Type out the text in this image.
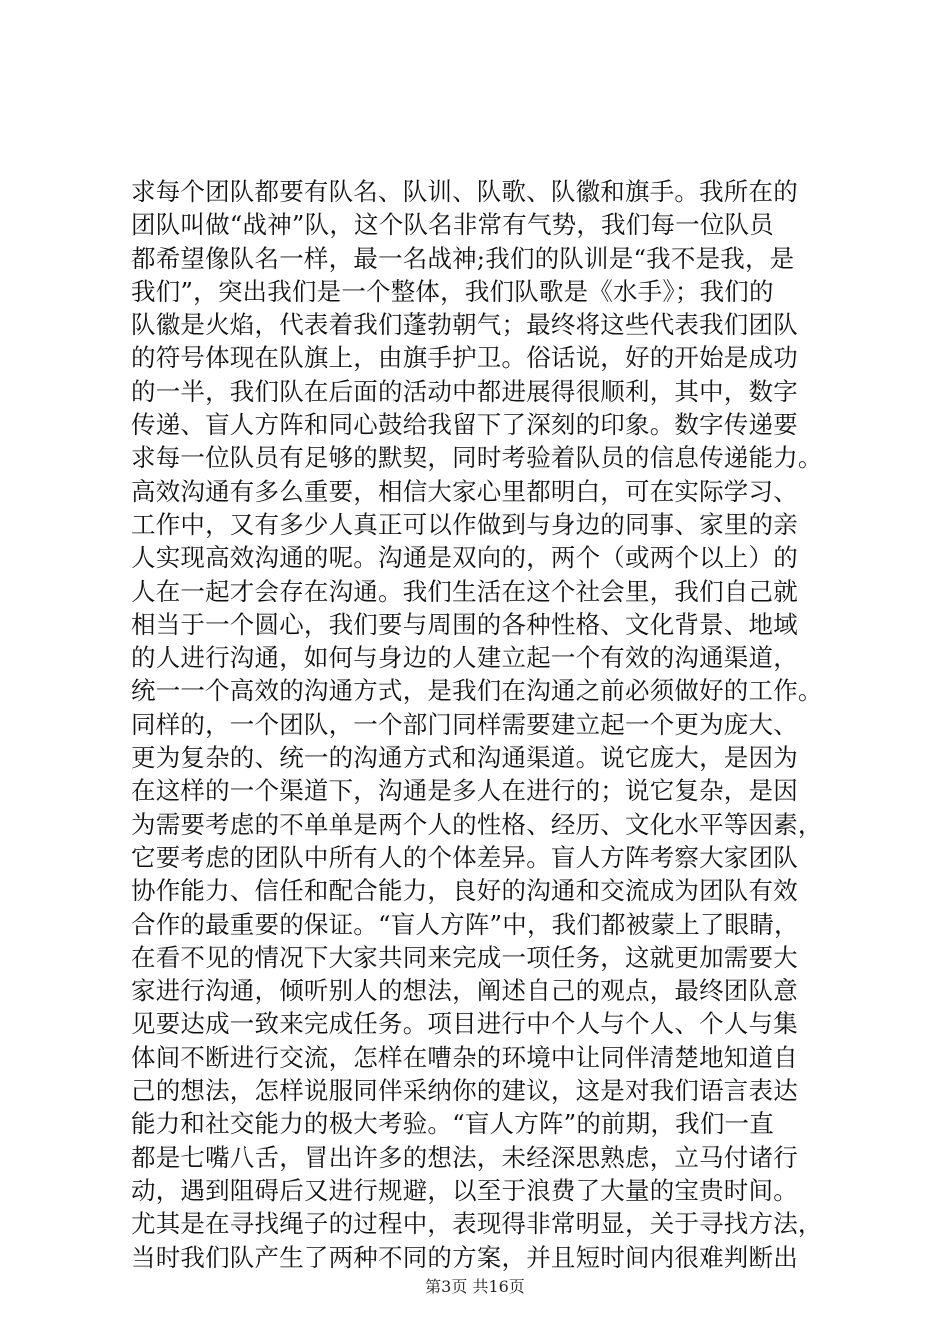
求每个团队都要有队名、队训、队歌、队徽和旗手。我所在的
团队叫做“战神”队，这个队名非常有气势，我们每一位队员
都希望像队名一样，最一名战神;我们的队训是“我不是我，是
我们”，突出我们是一个整体，我们队歌是《水手》；我们的
队徽是火焰，代表着我们蓬勃朝气；最终将这些代表我们团队
的符号体现在队旗上，由旗手护卫。俗话说，好的开始是成功
的一半，我们队在后面的活动中都进展得很顺利，其中，数字
传递、盲人方阵和同心鼓给我留下了深刻的印象。数字传递要
求每一位队员有足够的默契，同时考验着队员的信息传递能力。
高效沟通有多么重要，相信大家心里都明白，可在实际学习、
工作中，又有多少人真正可以作做到与身边的同事、家里的亲
人实现高效沟通的呢。沟通是双向的，两个（或两个以上）的
人在一起才会存在沟通。我们生活在这个社会里，我们自己就
相当于一个圆心，我们要与周围的各种性格、文化背景、地域
的人进行沟通，如何与身边的人建立起一个有效的沟通渠道，
统一一个高效的沟通方式，是我们在沟通之前必须做好的工作。
同样的，一个团队，一个部门同样需要建立起一个更为庞大、
更为复杂的、统一的沟通方式和沟通渠道。说它庞大，是因为
在这样的一个渠道下，沟通是多人在进行的；说它复杂，是因
为需要考虑的不单单是两个人的性格、经历、文化水平等因素，
它要考虑的团队中所有人的个体差异。盲人方阵考察大家团队
协作能力、信任和配合能力，良好的沟通和交流成为团队有效
合作的最重要的保证。“盲人方阵”中，我们都被蒙上了眼睛，
在看不见的情况下大家共同来完成一项任务，这就更加需要大
家进行沟通，倾听别人的想法，阐述自己的观点，最终团队意
见要达成一致来完成任务。项目进行中个人与个人、个人与集
体间不断进行交流，怎样在嘈杂的环境中让同伴清楚地知道自
己的想法，怎样说服同伴采纳你的建议，这是对我们语言表达
能力和社交能力的极大考验。“盲人方阵”的前期，我们一直
都是七嘴八舌，冒出许多的想法，未经深思熟虑，立马付诸行
动，遇到阻碍后又进行规避，以至于浪费了大量的宝贵时间。
尤其是在寻找绳子的过程中，表现得非常明显，关于寻找方法，
当时我们队产生了两种不同的方案，并且短时间内很难判断出
第3页 共16页
